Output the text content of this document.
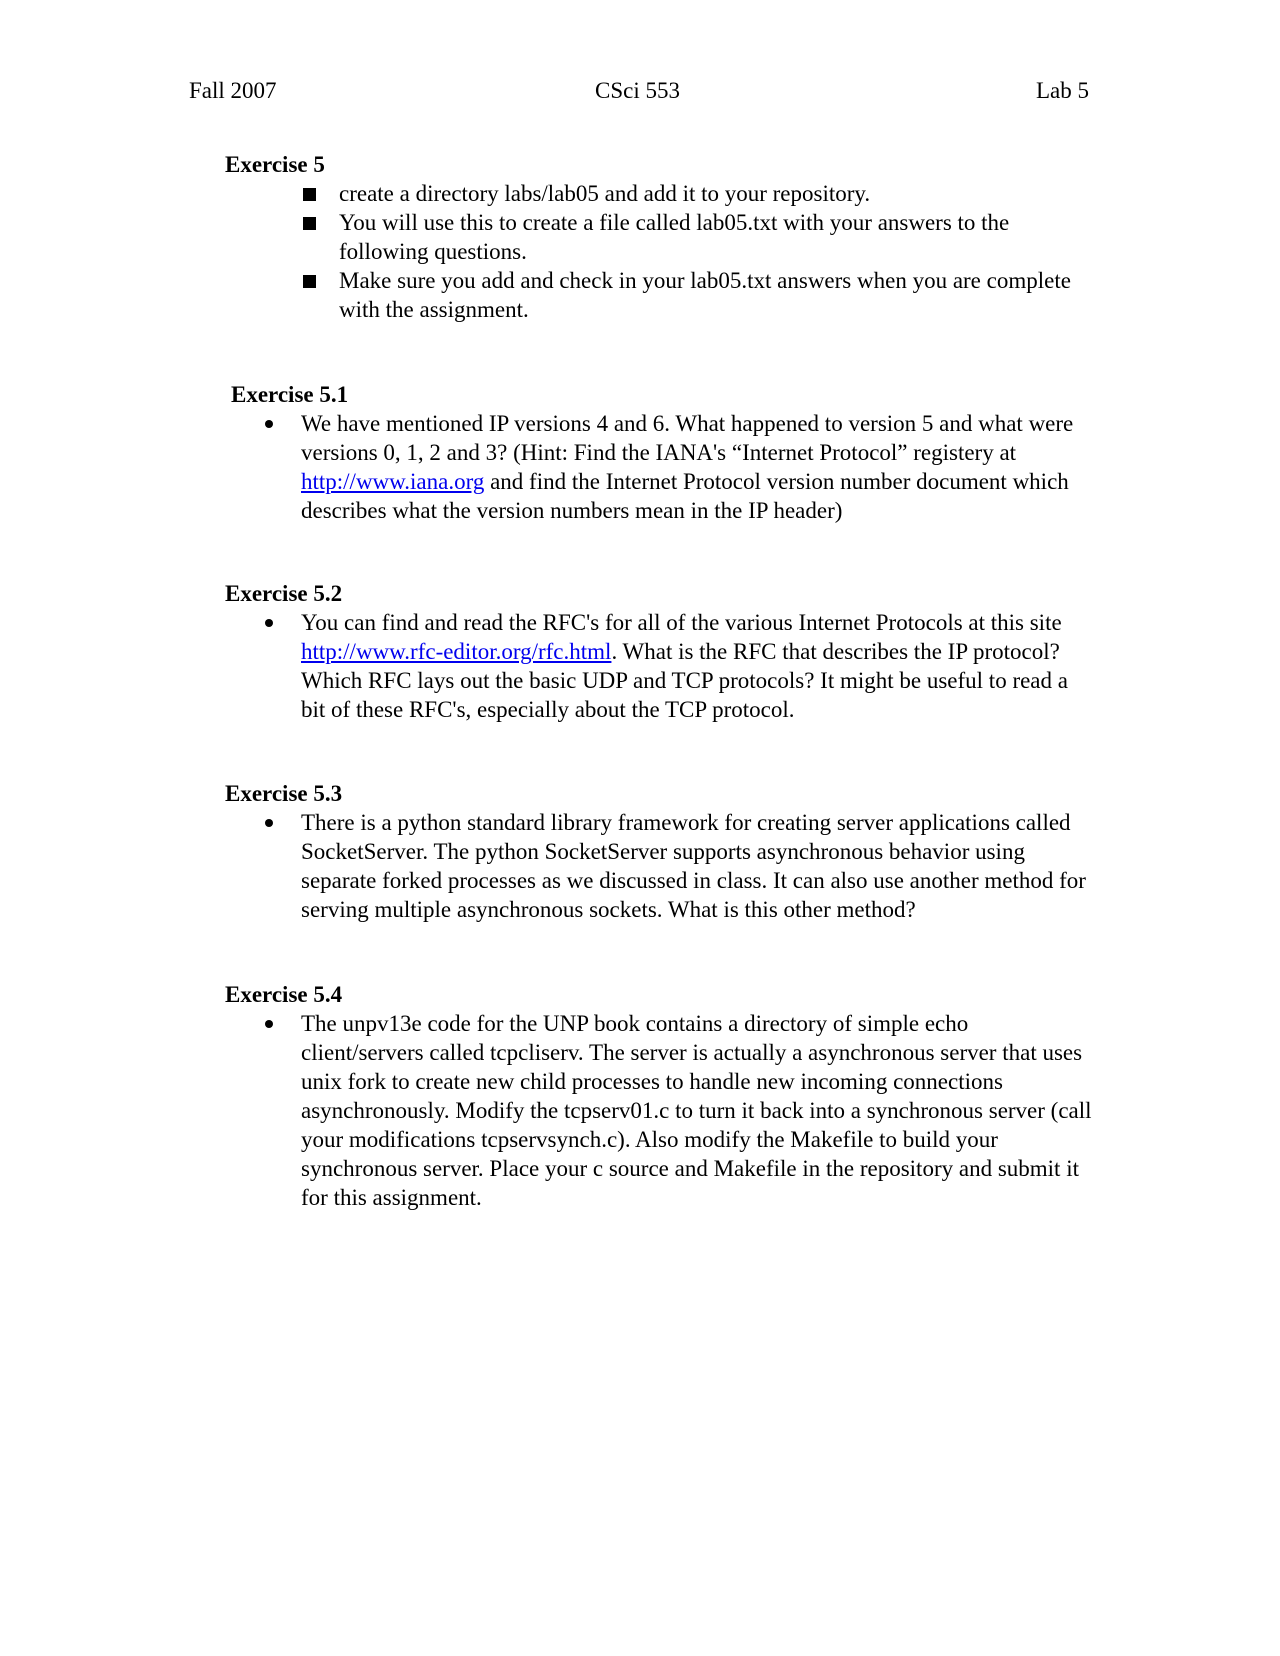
Fall 2007	CSci 553	Lab 5
Exercise 5
create a directory labs/lab05 and add it to your repository.
You will use this to create a file called lab05.txt with your answers to the following questions.
Make sure you add and check in your lab05.txt answers when you are complete with the assignment.
Exercise 5.1
We have mentioned IP versions 4 and 6. What happened to version 5 and what were versions 0, 1, 2 and 3? (Hint: Find the IANA's “Internet Protocol” registery at http://www.iana.org and find the Internet Protocol version number document which describes what the version numbers mean in the IP header)
Exercise 5.2
You can find and read the RFC's for all of the various Internet Protocols at this site http://www.rfc-editor.org/rfc.html. What is the RFC that describes the IP protocol? Which RFC lays out the basic UDP and TCP protocols? It might be useful to read a bit of these RFC's, especially about the TCP protocol.
Exercise 5.3
There is a python standard library framework for creating server applications called SocketServer. The python SocketServer supports asynchronous behavior using separate forked processes as we discussed in class. It can also use another method for serving multiple asynchronous sockets. What is this other method?
Exercise 5.4
The unpv13e code for the UNP book contains a directory of simple echo client/servers called tcpcliserv. The server is actually a asynchronous server that uses unix fork to create new child processes to handle new incoming connections asynchronously. Modify the tcpserv01.c to turn it back into a synchronous server (call your modifications tcpservsynch.c). Also modify the Makefile to build your synchronous server. Place your c source and Makefile in the repository and submit it for this assignment.
